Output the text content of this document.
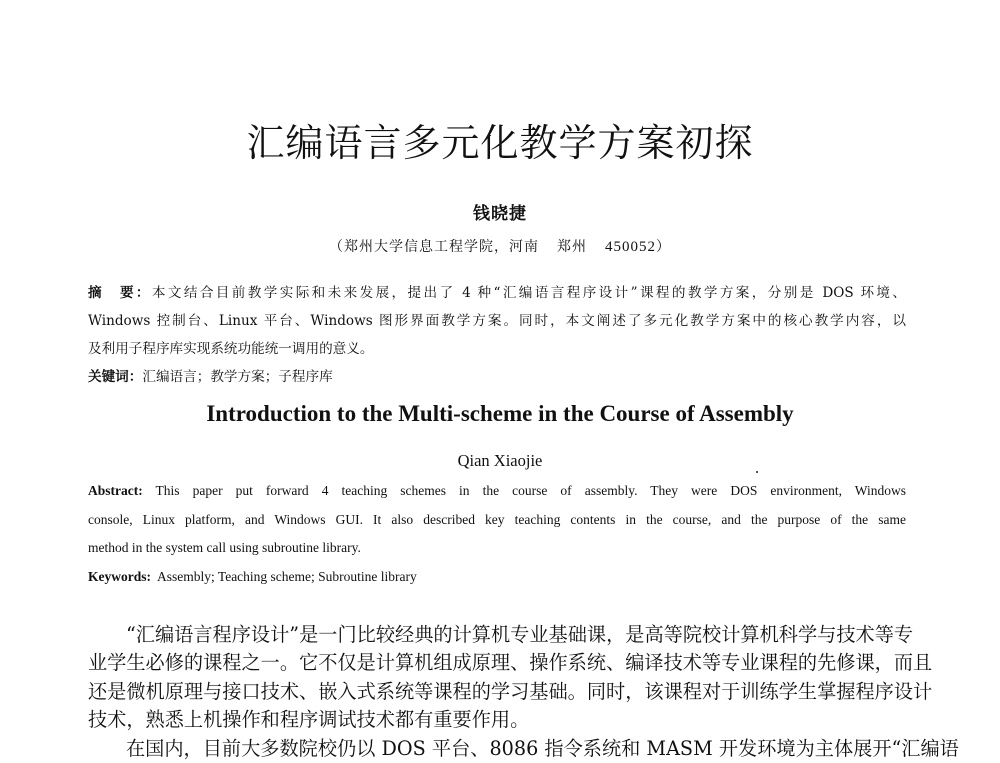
汇编语言多元化教学方案初探
钱晓捷
（郑州大学信息工程学院，河南 郑州 450052）
摘　要：本文结合目前教学实际和未来发展，提出了 4 种“汇编语言程序设计”课程的教学方案，分别是 DOS 环境、
Windows 控制台、Linux 平台、Windows 图形界面教学方案。同时，本文阐述了多元化教学方案中的核心教学内容，以
及利用子程序库实现系统功能统一调用的意义。
关键词：汇编语言；教学方案；子程序库
Introduction to the Multi-scheme in the Course of Assembly
Qian Xiaojie
Abstract: This paper put forward 4 teaching schemes in the course of assembly. They were DOS environment, Windows
console, Linux platform, and Windows GUI. It also described key teaching contents in the course, and the purpose of the same
method in the system call using subroutine library.
Keywords: Assembly; Teaching scheme; Subroutine library
“汇编语言程序设计”是一门比较经典的计算机专业基础课，是高等院校计算机科学与技术等专
业学生必修的课程之一。它不仅是计算机组成原理、操作系统、编译技术等专业课程的先修课，而且
还是微机原理与接口技术、嵌入式系统等课程的学习基础。同时，该课程对于训练学生掌握程序设计
技术，熟悉上机操作和程序调试技术都有重要作用。
在国内，目前大多数院校仍以 DOS 平台、8086 指令系统和 MASM 开发环境为主体展开“汇编语
